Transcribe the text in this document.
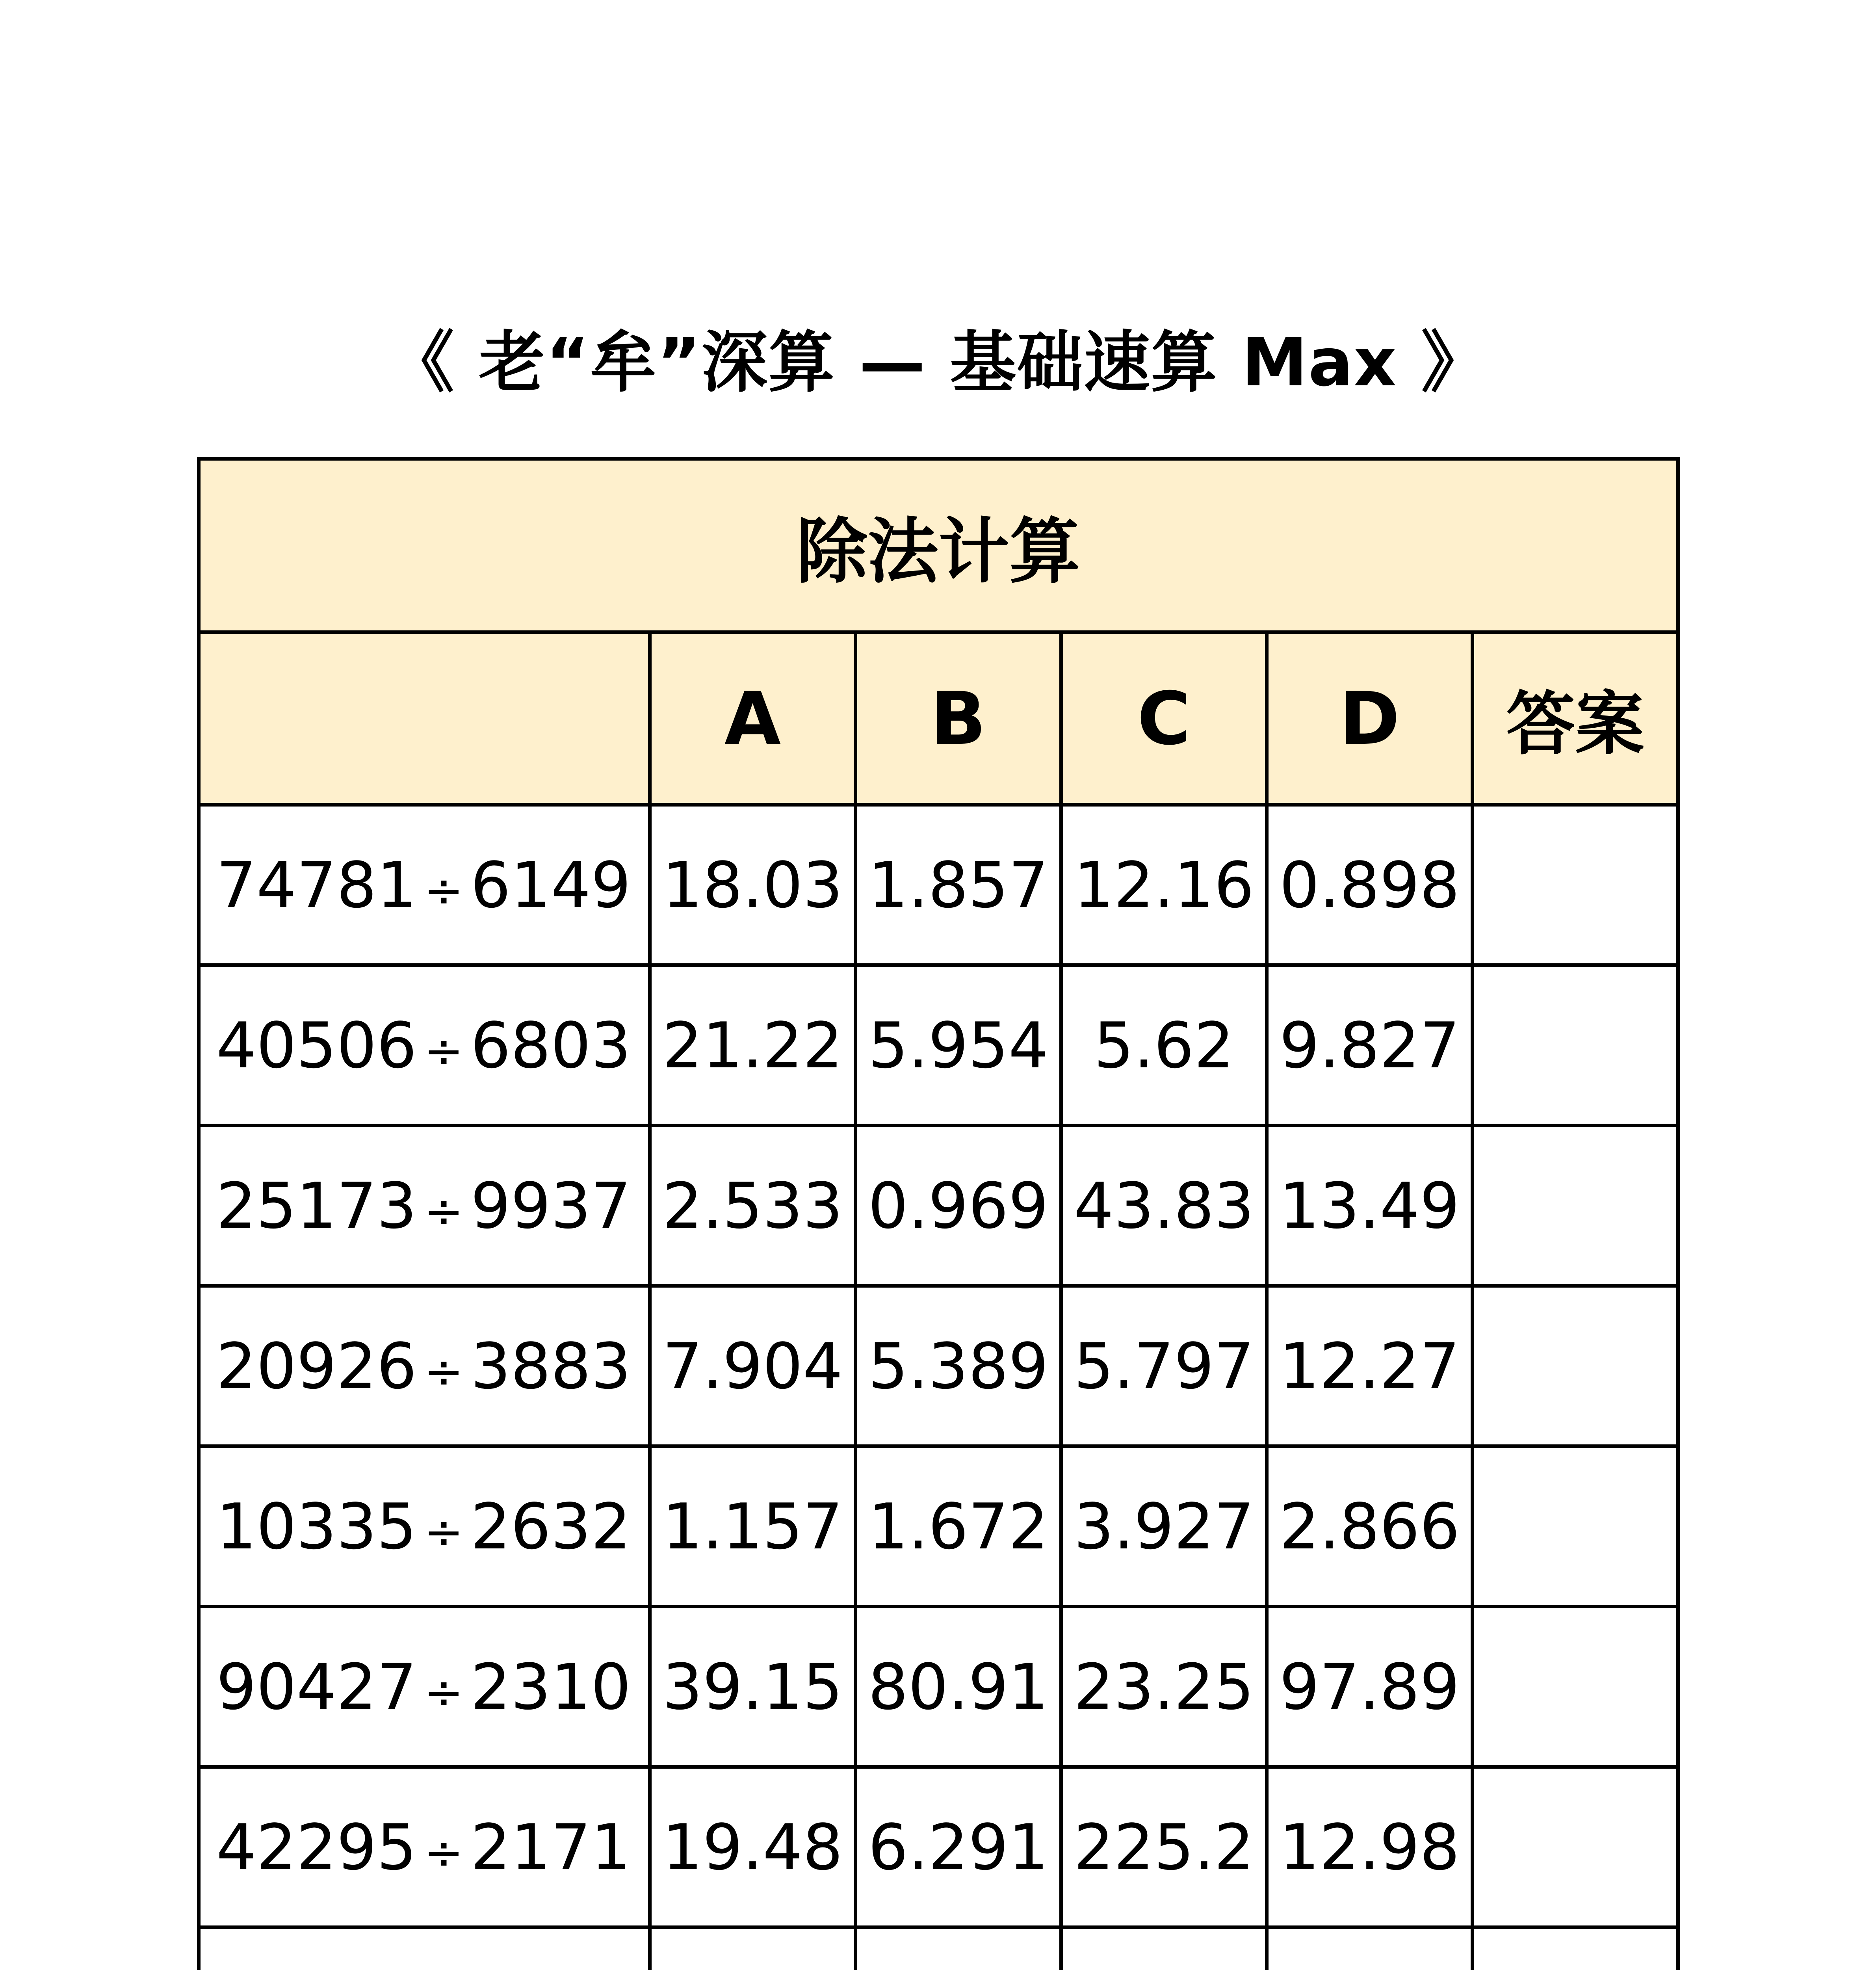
《 老“牟”深算 — 基础速算 Max 》
除法计算					
	A	B	C	D	答案
74781 ÷ 6149	18.03	1.857	12.16	0.898	

40506 ÷ 6803	21.22	5.954	5.62	9.827	

25173 ÷ 9937	2.533	0.969	43.83	13.49	

20926 ÷ 3883	7.904	5.389	5.797	12.27	

10335 ÷ 2632	1.157	1.672	3.927	2.866	

90427 ÷ 2310	39.15	80.91	23.25	97.89	

42295 ÷ 2171	19.48	6.291	225.2	12.98	
